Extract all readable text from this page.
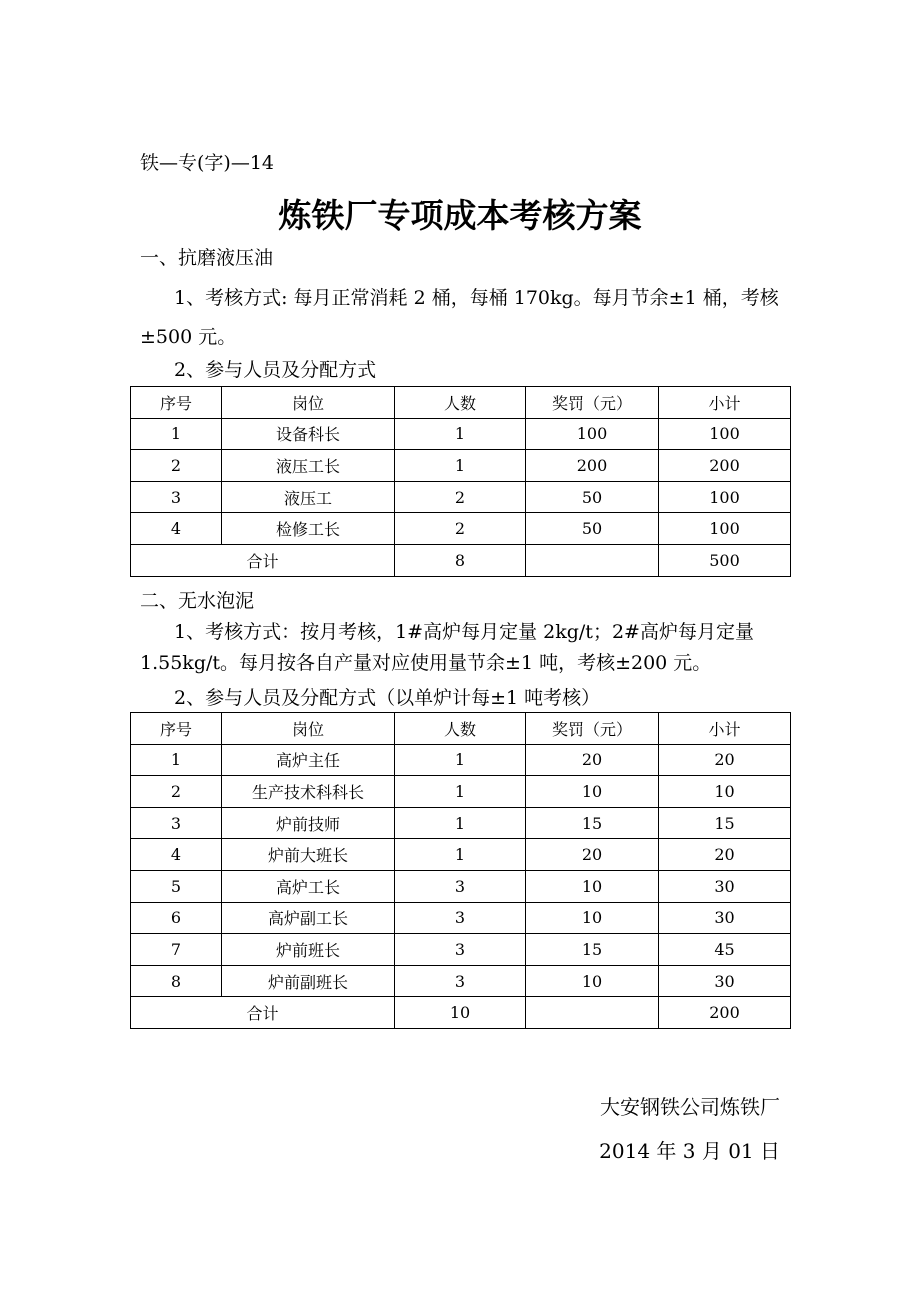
铁—专(字)—14
炼铁厂专项成本考核方案
一、抗磨液压油
1、考核方式: 每月正常消耗 2 桶，每桶 170kg。每月节余±1 桶，考核±500 元。
2、参与人员及分配方式
序号	岗位	人数	奖罚（元）	小计
1	设备科长	1	100	100
2	液压工长	1	200	200
3	液压工	2	50	100
4	检修工长	2	50	100
合计		8		500
二、无水泡泥
1、考核方式：按月考核，1#高炉每月定量 2kg/t；2#高炉每月定量 1.55kg/t。每月按各自产量对应使用量节余±1 吨，考核±200 元。
2、参与人员及分配方式（以单炉计每±1 吨考核）
序号	岗位	人数	奖罚（元）	小计
1	高炉主任	1	20	20
2	生产技术科科长	1	10	10
3	炉前技师	1	15	15
4	炉前大班长	1	20	20
5	高炉工长	3	10	30
6	高炉副工长	3	10	30
7	炉前班长	3	15	45
8	炉前副班长	3	10	30
合计		10		200
大安钢铁公司炼铁厂
2014 年 3 月 01 日
